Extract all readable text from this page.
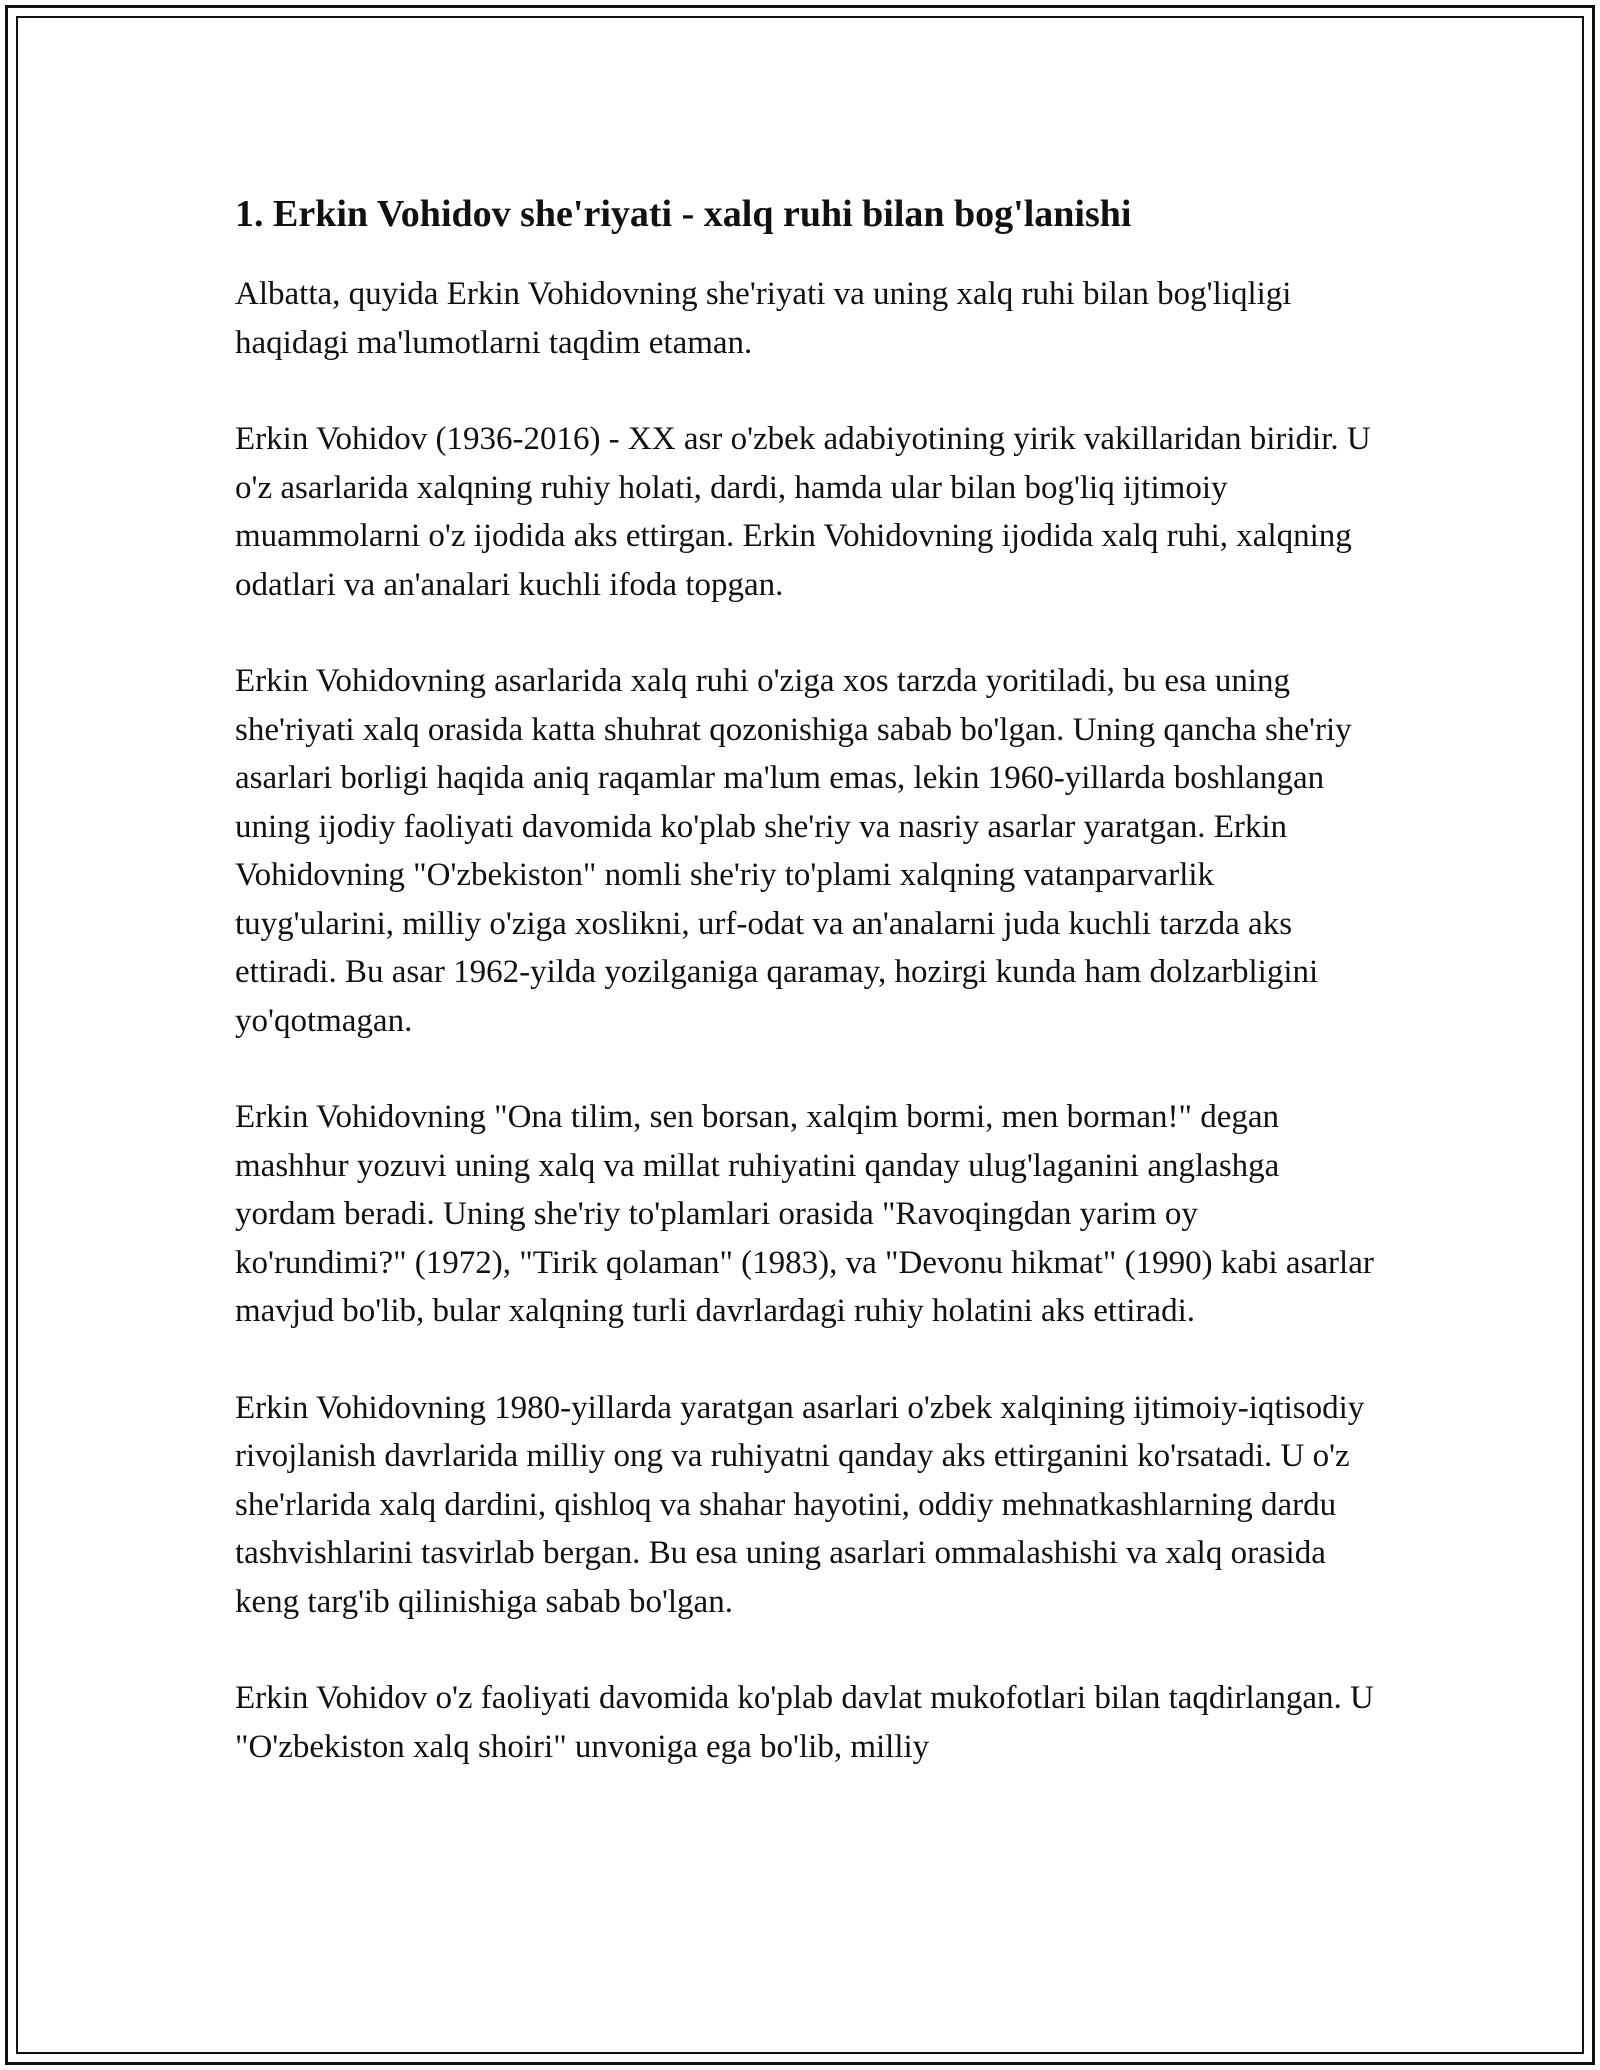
1. Erkin Vohidov she'riyati - xalq ruhi bilan bog'lanishi

Albatta, quyida Erkin Vohidovning she'riyati va uning xalq ruhi bilan bog'liqligi haqidagi ma'lumotlarni taqdim etaman.

Erkin Vohidov (1936-2016) - XX asr o'zbek adabiyotining yirik vakillaridan biridir. U o'z asarlarida xalqning ruhiy holati, dardi, hamda ular bilan bog'liq ijtimoiy muammolarni o'z ijodida aks ettirgan. Erkin Vohidovning ijodida xalq ruhi, xalqning odatlari va an'analari kuchli ifoda topgan.

Erkin Vohidovning asarlarida xalq ruhi o'ziga xos tarzda yoritiladi, bu esa uning she'riyati xalq orasida katta shuhrat qozonishiga sabab bo'lgan. Uning qancha she'riy asarlari borligi haqida aniq raqamlar ma'lum emas, lekin 1960-yillarda boshlangan uning ijodiy faoliyati davomida ko'plab she'riy va nasriy asarlar yaratgan. Erkin Vohidovning "O'zbekiston" nomli she'riy to'plami xalqning vatanparvarlik tuyg'ularini, milliy o'ziga xoslikni, urf-odat va an'analarni juda kuchli tarzda aks ettiradi. Bu asar 1962-yilda yozilganiga qaramay, hozirgi kunda ham dolzarbligini yo'qotmagan.

Erkin Vohidovning "Ona tilim, sen borsan, xalqim bormi, men borman!" degan mashhur yozuvi uning xalq va millat ruhiyatini qanday ulug'laganini anglashga yordam beradi. Uning she'riy to'plamlari orasida "Ravoqingdan yarim oy ko'rundimi?" (1972), "Tirik qolaman" (1983), va "Devonu hikmat" (1990) kabi asarlar mavjud bo'lib, bular xalqning turli davrlardagi ruhiy holatini aks ettiradi.

Erkin Vohidovning 1980-yillarda yaratgan asarlari o'zbek xalqining ijtimoiy-iqtisodiy rivojlanish davrlarida milliy ong va ruhiyatni qanday aks ettirganini ko'rsatadi. U o'z she'rlarida xalq dardini, qishloq va shahar hayotini, oddiy mehnatkashlarning dardu tashvishlarini tasvirlab bergan. Bu esa uning asarlari ommalashishi va xalq orasida keng targ'ib qilinishiga sabab bo'lgan.

Erkin Vohidov o'z faoliyati davomida ko'plab davlat mukofotlari bilan taqdirlangan. U "O'zbekiston xalq shoiri" unvoniga ega bo'lib, milliy
